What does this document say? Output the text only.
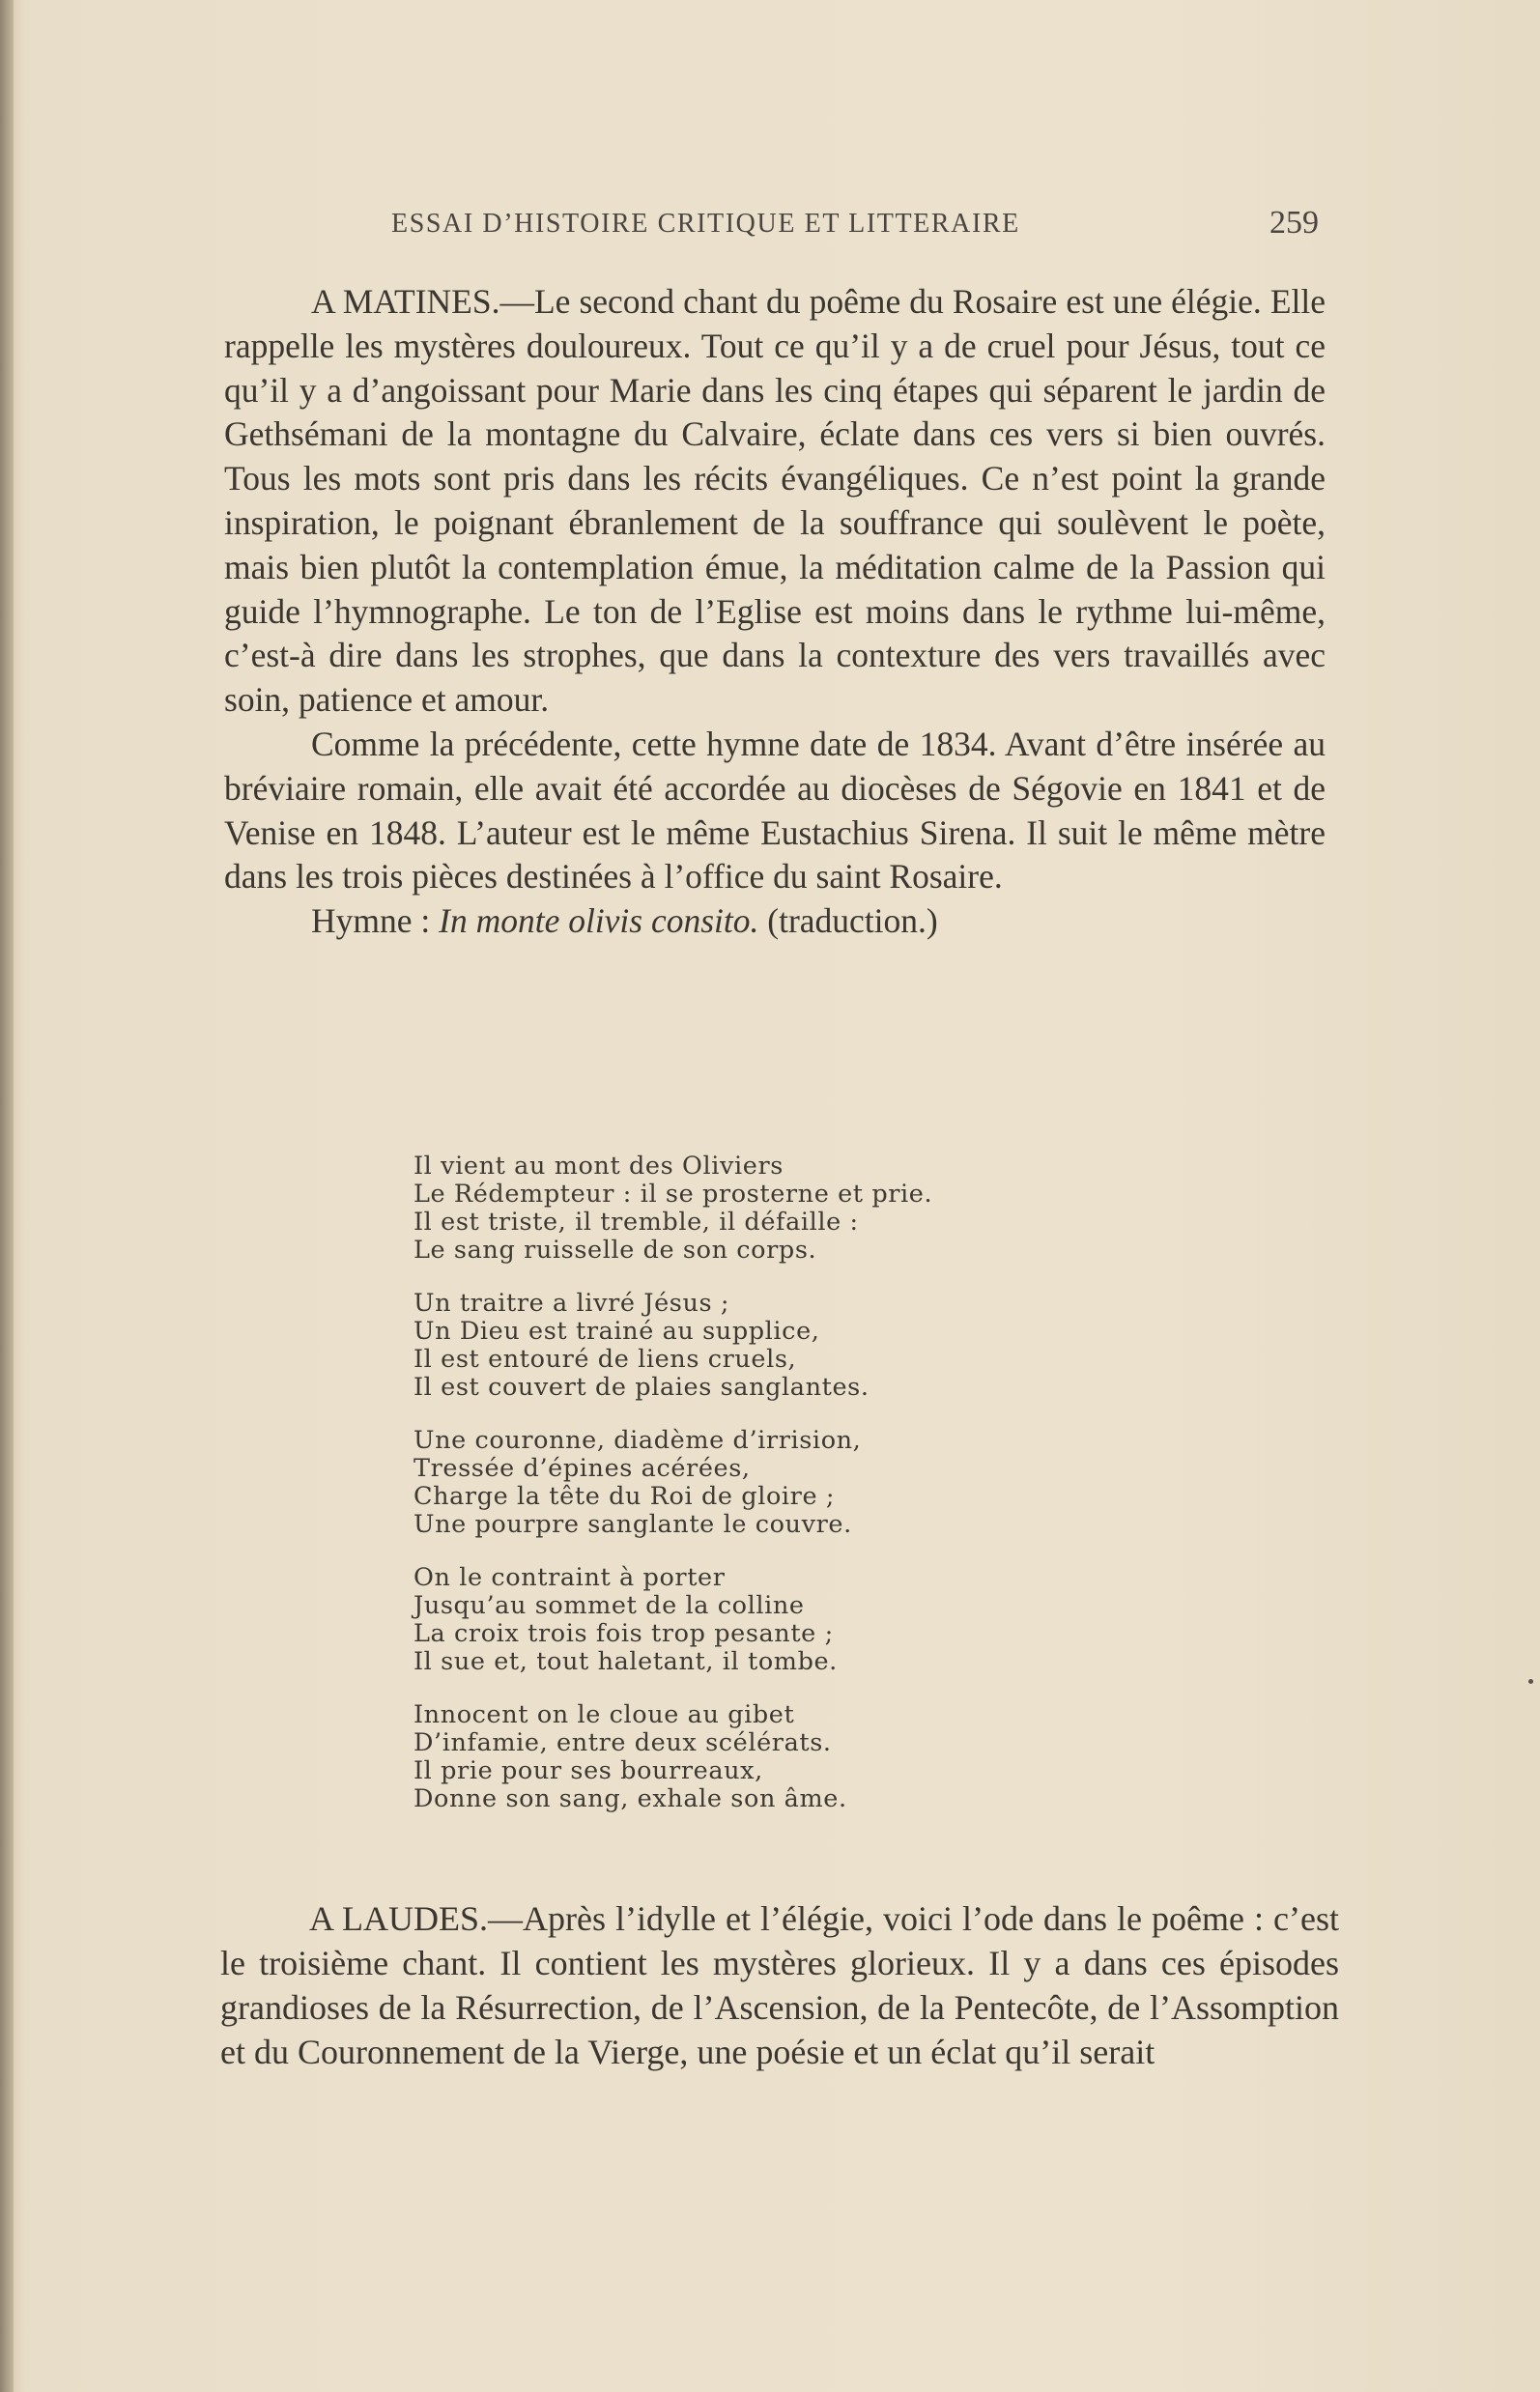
ESSAI D’HISTOIRE CRITIQUE ET LITTERAIRE	259

A MATINES.—Le second chant du poême du Rosaire est une élégie. Elle rappelle les mystères douloureux. Tout ce qu’il y a de cruel pour Jésus, tout ce qu’il y a d’angoissant pour Marie dans les cinq étapes qui séparent le jardin de Gethsémani de la montagne du Calvaire, éclate dans ces vers si bien ouvrés. Tous les mots sont pris dans les récits évangéliques. Ce n’est point la grande inspiration, le poignant ébranlement de la souffrance qui soulèvent le poète, mais bien plutôt la contemplation émue, la méditation calme de la Passion qui guide l’hymnographe. Le ton de l’Eglise est moins dans le rythme lui-même, c’est-à dire dans les strophes, que dans la contexture des vers travaillés avec soin, patience et amour.

Comme la précédente, cette hymne date de 1834. Avant d’être insérée au bréviaire romain, elle avait été accordée au diocèses de Ségovie en 1841 et de Venise en 1848. L’auteur est le même Eustachius Sirena. Il suit le même mètre dans les trois pièces destinées à l’office du saint Rosaire.

Hymne : In monte olivis consito. (traduction.)

Il vient au mont des Oliviers
Le Rédempteur : il se prosterne et prie.
Il est triste, il tremble, il défaille :
Le sang ruisselle de son corps.
Un traitre a livré Jésus ;
Un Dieu est trainé au supplice,
Il est entouré de liens cruels,
Il est couvert de plaies sanglantes.
Une couronne, diadème d’irrision,
Tressée d’épines acérées,
Charge la tête du Roi de gloire ;
Une pourpre sanglante le couvre.
On le contraint à porter
Jusqu’au sommet de la colline
La croix trois fois trop pesante ;
Il sue et, tout haletant, il tombe.
Innocent on le cloue au gibet
D’infamie, entre deux scélérats.
Il prie pour ses bourreaux,
Donne son sang, exhale son âme.

A LAUDES.—Après l’idylle et l’élégie, voici l’ode dans le poême : c’est le troisième chant. Il contient les mystères glorieux. Il y a dans ces épisodes grandioses de la Résurrection, de l’Ascension, de la Pentecôte, de l’Assomption et du Couronnement de la Vierge, une poésie et un éclat qu’il serait
